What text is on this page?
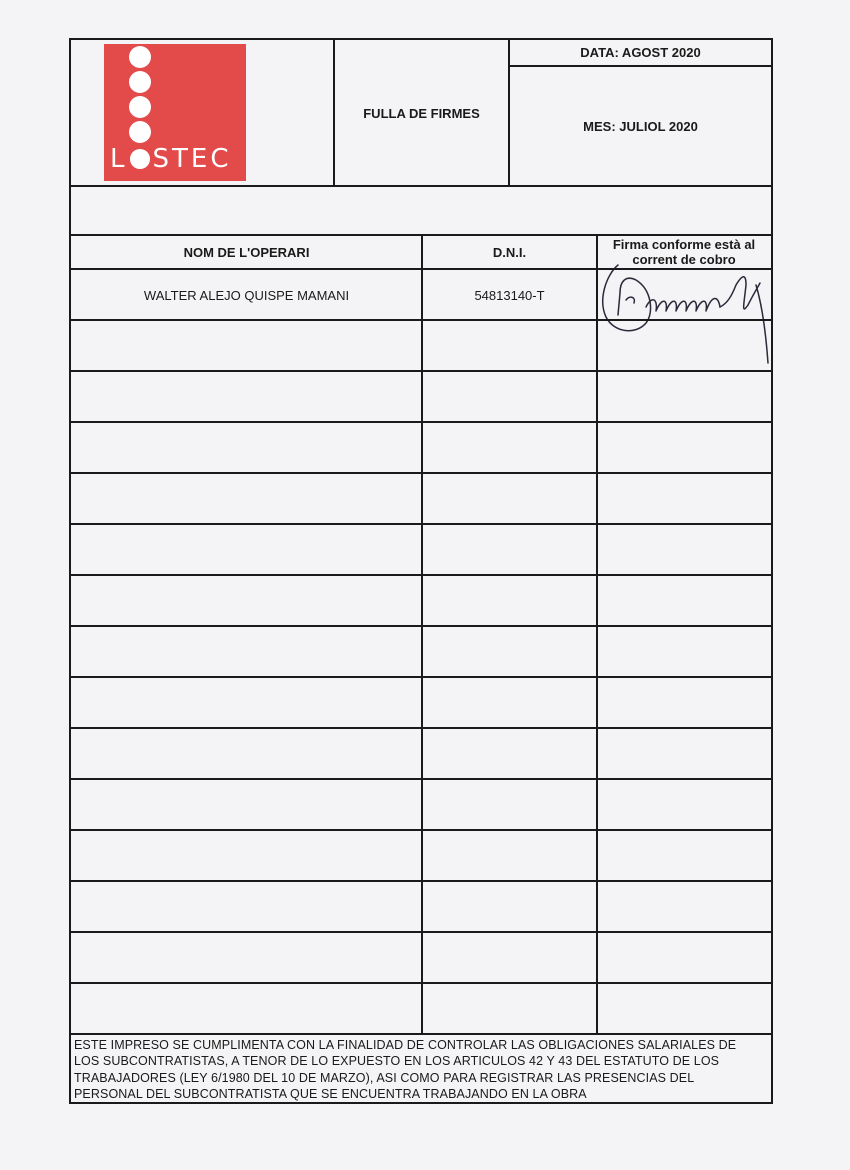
L STEC
FULLA DE FIRMES
DATA: AGOST 2020
MES: JULIOL 2020
NOM DE L'OPERARI	D.N.I.	Firma conforme està al
corrent de cobro
WALTER ALEJO QUISPE MAMANI	54813140-T
ESTE IMPRESO SE CUMPLIMENTA CON LA FINALIDAD DE CONTROLAR LAS OBLIGACIONES SALARIALES DE LOS SUBCONTRATISTAS, A TENOR DE LO EXPUESTO EN LOS ARTICULOS 42 Y 43 DEL ESTATUTO DE LOS TRABAJADORES (LEY 6/1980 DEL 10 DE MARZO), ASI COMO PARA REGISTRAR LAS PRESENCIAS DEL PERSONAL DEL SUBCONTRATISTA QUE SE ENCUENTRA TRABAJANDO EN LA OBRA
